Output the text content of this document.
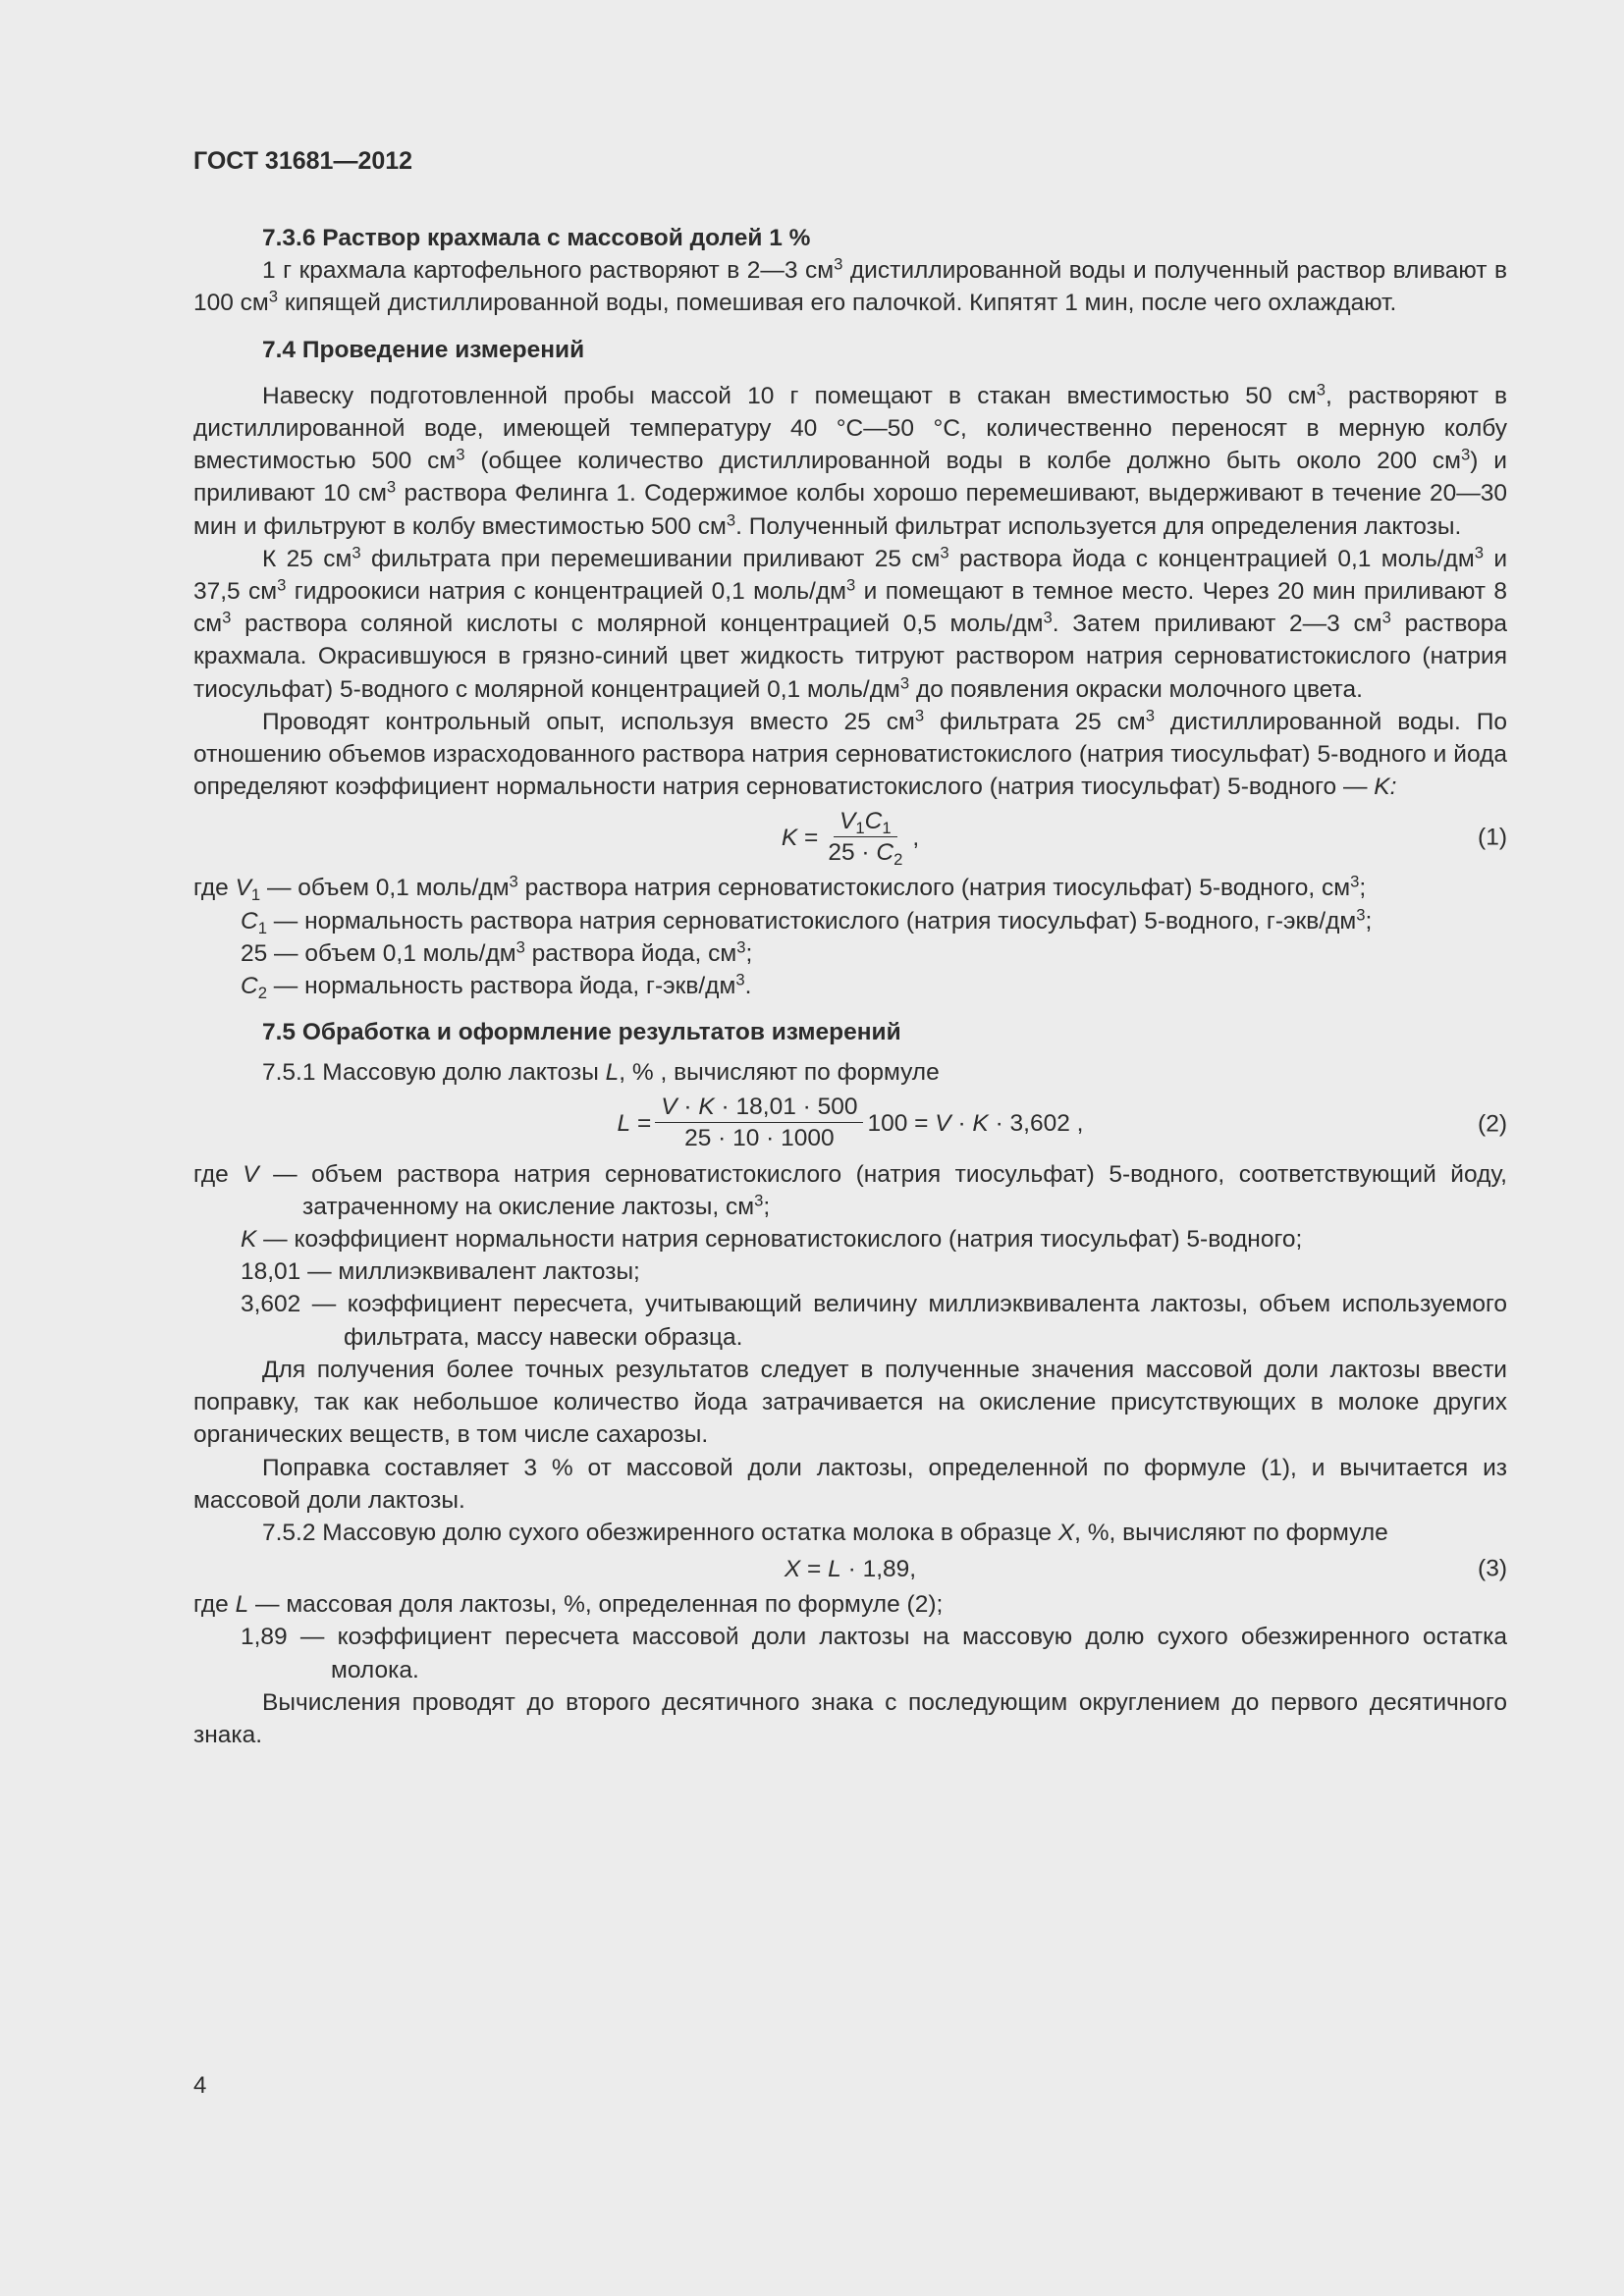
ГОСТ 31681—2012

7.3.6 Раствор крахмала с массовой долей 1 %

1 г крахмала картофельного растворяют в 2—3 $см^3$ дистиллированной воды и полученный раствор вливают в 100 $см^3$ кипящей дистиллированной воды, помешивая его палочкой. Кипятят 1 мин, после чего охлаждают.

7.4 Проведение измерений

Навеску подготовленной пробы массой 10 г помещают в стакан вместимостью 50 $см^3$, растворяют в дистиллированной воде, имеющей температуру 40 °С—50 °С, количественно переносят в мерную колбу вместимостью 500 $см^3$ (общее количество дистиллированной воды в колбе должно быть около 200 $см^3$) и приливают 10 $см^3$ раствора Фелинга 1. Содержимое колбы хорошо перемешивают, выдерживают в течение 20—30 мин и фильтруют в колбу вместимостью 500 $см^3$. Полученный фильтрат используется для определения лактозы.

К 25 $см^3$ фильтрата при перемешивании приливают 25 $см^3$ раствора йода с концентрацией 0,1 моль/$дм^3$ и 37,5 $см^3$ гидроокиси натрия с концентрацией 0,1 моль/$дм^3$ и помещают в темное место. Через 20 мин приливают 8 $см^3$ раствора соляной кислоты с молярной концентрацией 0,5 моль/$дм^3$. Затем приливают 2—3 $см^3$ раствора крахмала. Окрасившуюся в грязно-синий цвет жидкость титруют раствором натрия серноватистокислого (натрия тиосульфат) 5-водного с молярной концентрацией 0,1 моль/$дм^3$ до появления окраски молочного цвета.

Проводят контрольный опыт, используя вместо 25 $см^3$ фильтрата 25 $см^3$ дистиллированной воды. По отношению объемов израсходованного раствора натрия серноватистокислого (натрия тиосульфат) 5-водного и йода определяют коэффициент нормальности натрия серноватистокислого (натрия тиосульфат) 5-водного — K:

$K = \frac{V_1C_1}{25 \cdot C_2}$ ,	(1)

где $V_1$ — объем 0,1 моль/$дм^3$ раствора натрия серноватистокислого (натрия тиосульфат) 5-водного, $см^3$;

$C_1$ — нормальность раствора натрия серноватистокислого (натрия тиосульфат) 5-водного, $г-экв/дм^3$;

25 — объем 0,1 моль/$дм^3$ раствора йода, $см^3$;

$C_2$ — нормальность раствора йода, $г-экв/дм^3$.

7.5 Обработка и оформление результатов измерений

7.5.1 Массовую долю лактозы L, % , вычисляют по формуле

$L = \frac{V \cdot K \cdot 18,01 \cdot 500}{25 \cdot 10 \cdot 1000} 100 = V \cdot K \cdot 3,602$ ,	(2)

где V — объем раствора натрия серноватистокислого (натрия тиосульфат) 5-водного, соответствующий йоду, затраченному на окисление лактозы, $см^3$;

K — коэффициент нормальности натрия серноватистокислого (натрия тиосульфат) 5-водного;

18,01 — миллиэквивалент лактозы;

3,602 — коэффициент пересчета, учитывающий величину миллиэквивалента лактозы, объем используемого фильтрата, массу навески образца.

Для получения более точных результатов следует в полученные значения массовой доли лактозы ввести поправку, так как небольшое количество йода затрачивается на окисление присутствующих в молоке других органических веществ, в том числе сахарозы.

Поправка составляет 3 % от массовой доли лактозы, определенной по формуле (1), и вычитается из массовой доли лактозы.

7.5.2 Массовую долю сухого обезжиренного остатка молока в образце X, %, вычисляют по формуле

X = L · 1,89,	(3)

где L — массовая доля лактозы, %, определенная по формуле (2);

1,89 — коэффициент пересчета массовой доли лактозы на массовую долю сухого обезжиренного остатка молока.

Вычисления проводят до второго десятичного знака с последующим округлением до первого десятичного знака.

4
